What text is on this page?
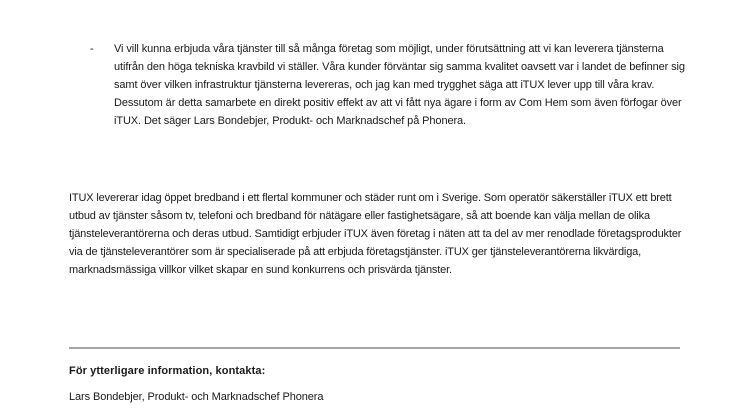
- Vi vill kunna erbjuda våra tjänster till så många företag som möjligt, under förutsättning att vi kan leverera tjänsterna utifrån den höga tekniska kravbild vi ställer. Våra kunder förväntar sig samma kvalitet oavsett var i landet de befinner sig samt över vilken infrastruktur tjänsterna levereras, och jag kan med trygghet säga att iTUX lever upp till våra krav. Dessutom är detta samarbete en direkt positiv effekt av att vi fått nya ägare i form av Com Hem som även förfogar över iTUX. Det säger Lars Bondebjer, Produkt- och Marknadschef på Phonera.
ITUX levererar idag öppet bredband i ett flertal kommuner och städer runt om i Sverige. Som operatör säkerställer iTUX ett brett utbud av tjänster såsom tv, telefoni och bredband för nätägare eller fastighetsägare, så att boende kan välja mellan de olika tjänsteleverantörerna och deras utbud. Samtidigt erbjuder iTUX även företag i näten att ta del av mer renodlade företagsprodukter via de tjänsteleverantörer som är specialiserade på att erbjuda företagstjänster. iTUX ger tjänsteleverantörerna likvärdiga, marknadsmässiga villkor vilket skapar en sund konkurrens och prisvärda tjänster.
För ytterligare information, kontakta:
Lars Bondebjer, Produkt- och Marknadschef Phonera
